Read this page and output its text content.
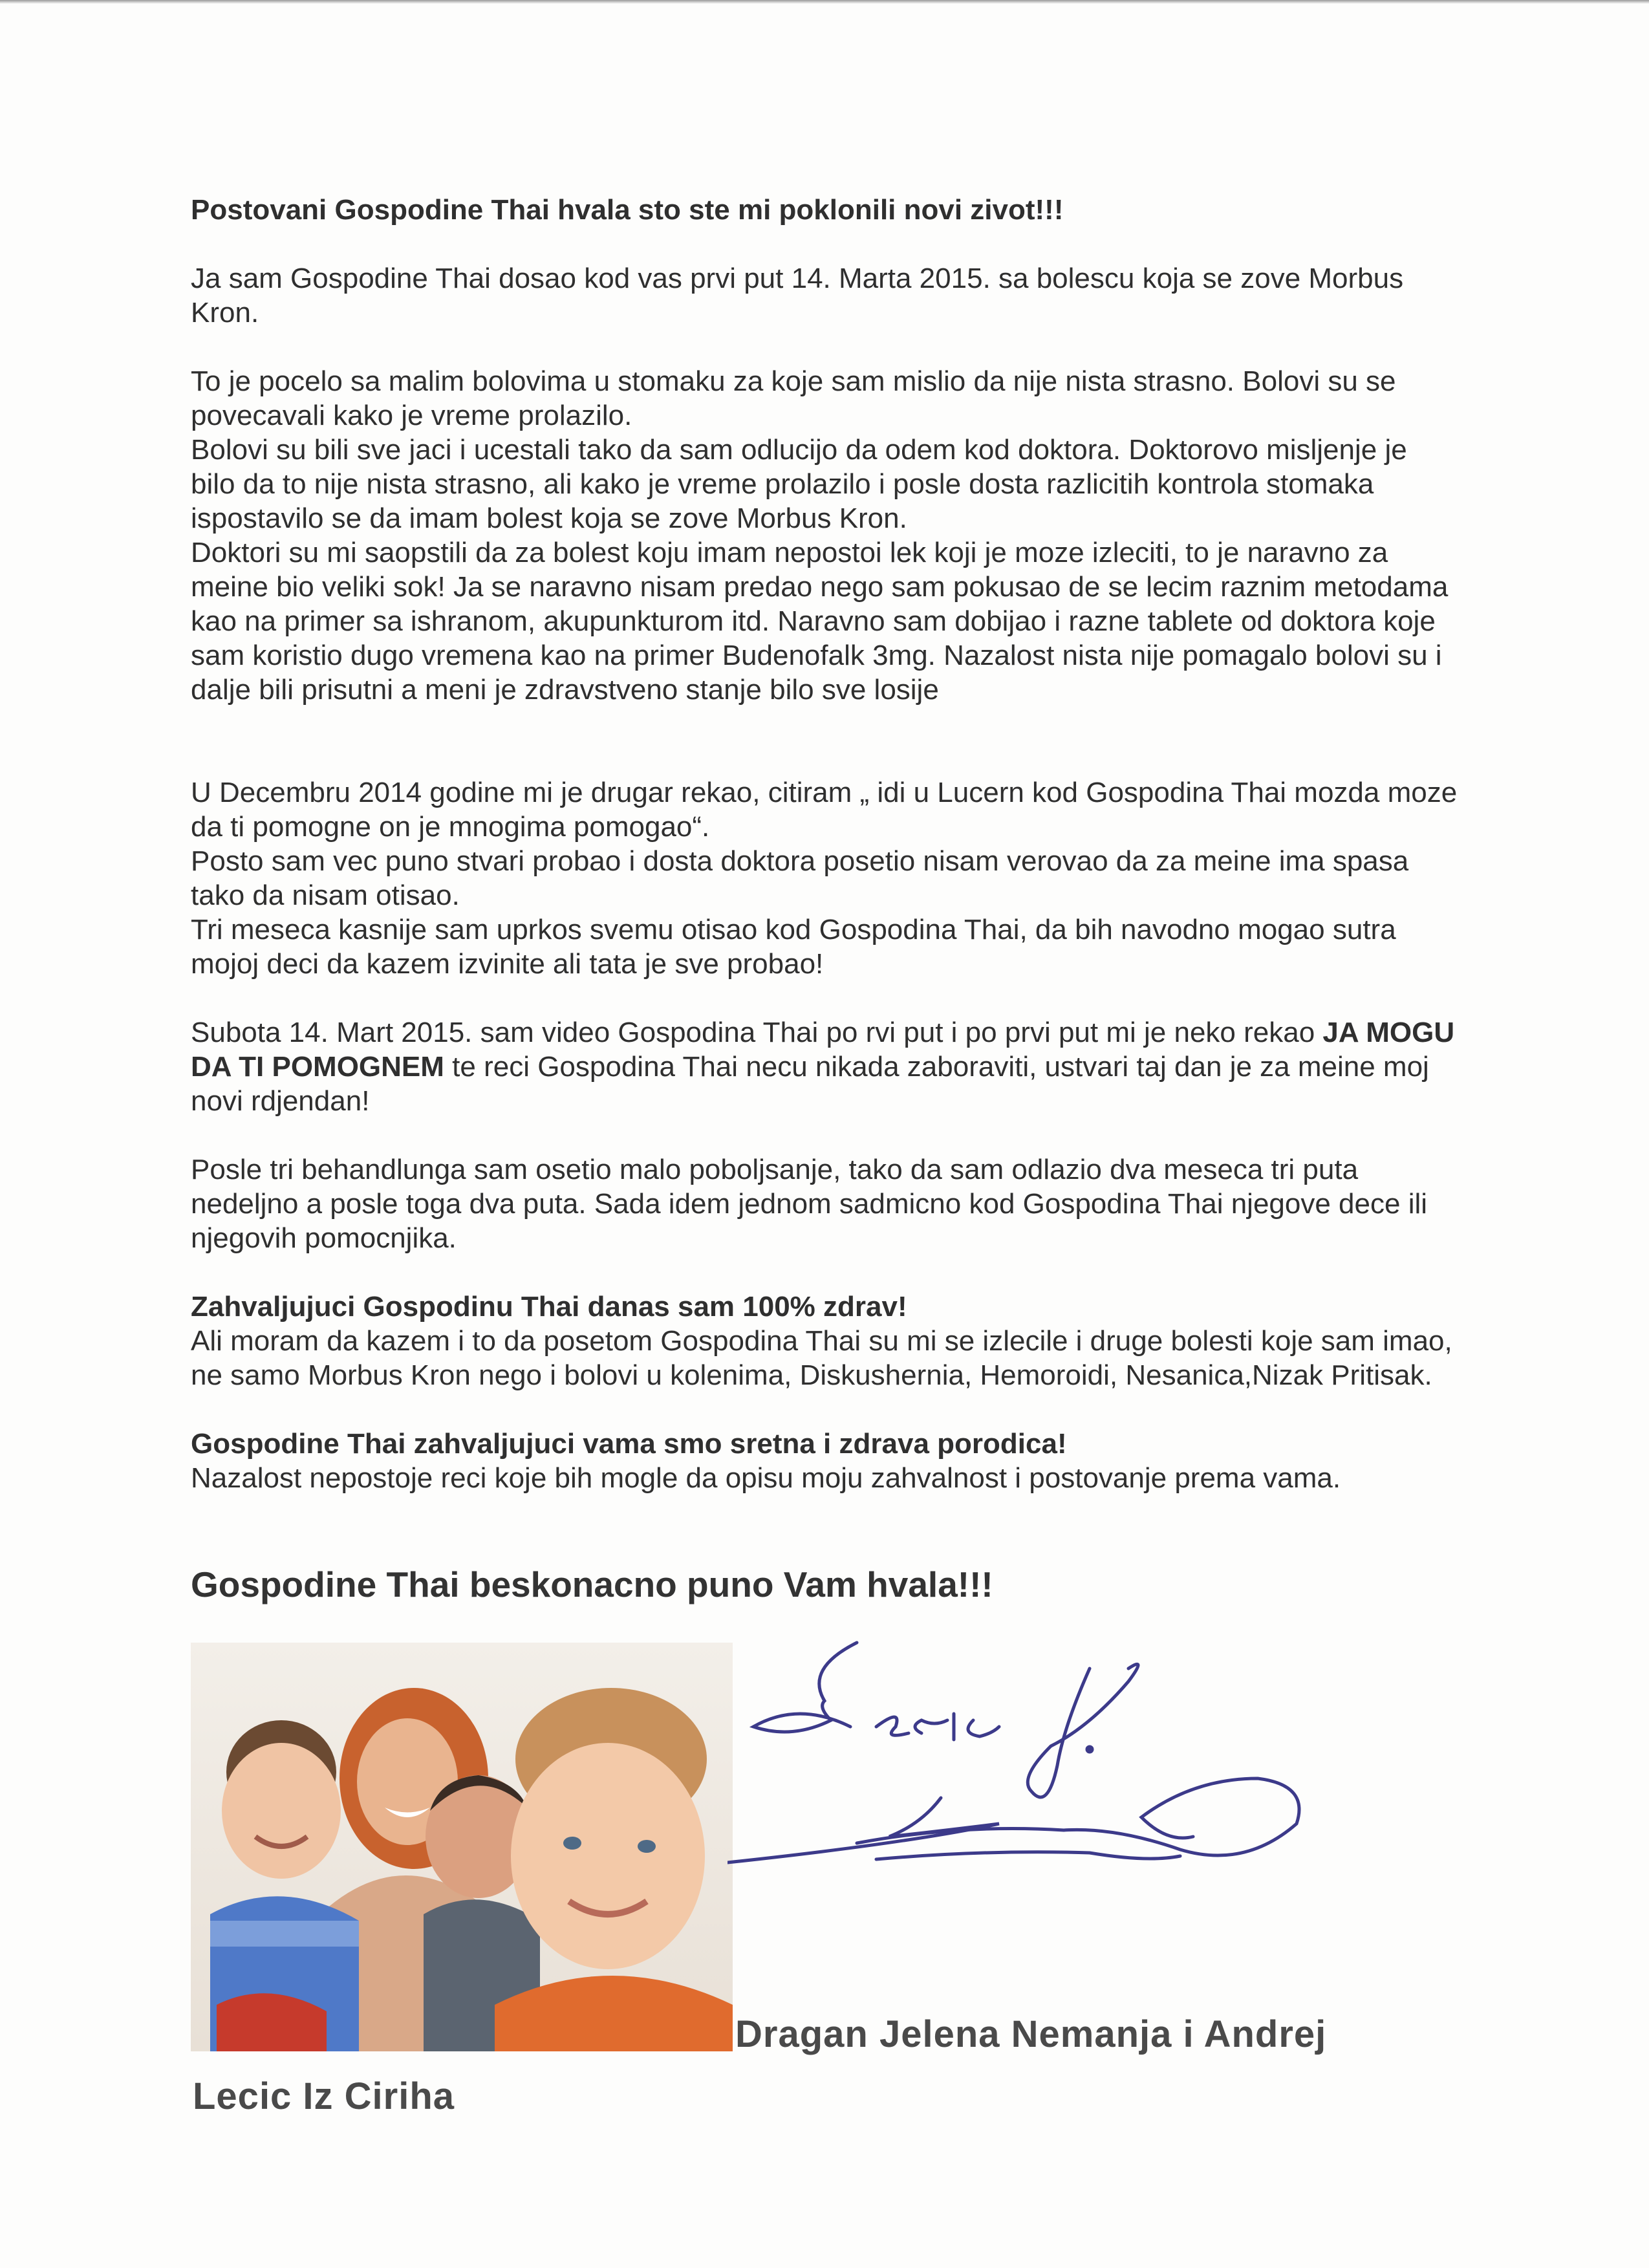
Postovani Gospodine Thai hvala sto ste mi poklonili novi zivot!!!

Ja sam Gospodine Thai dosao kod vas prvi put 14. Marta 2015. sa bolescu koja se zove Morbus Kron.

To je pocelo sa malim bolovima u stomaku za koje sam mislio da nije nista strasno. Bolovi su se povecavali kako je vreme prolazilo.

Bolovi su bili sve jaci i ucestali tako da sam odlucijo da odem kod doktora. Doktorovo misljenje je bilo da to nije nista strasno, ali kako je vreme prolazilo i posle dosta razlicitih kontrola stomaka ispostavilo se da imam bolest koja se zove Morbus Kron.

Doktori su mi saopstili da za bolest koju imam nepostoi lek koji je moze izleciti, to je naravno za meine bio veliki sok! Ja se naravno nisam predao nego sam pokusao de se lecim raznim metodama kao na primer sa ishranom, akupunkturom itd. Naravno sam dobijao i razne tablete od doktora koje sam koristio dugo vremena kao na primer Budenofalk 3mg. Nazalost nista nije pomagalo bolovi su i dalje bili prisutni a meni je zdravstveno stanje bilo sve losije

U Decembru 2014 godine mi je drugar rekao, citiram „ idi u Lucern kod Gospodina Thai mozda moze da ti pomogne on je mnogima pomogao“.

Posto sam vec puno stvari probao i dosta doktora posetio nisam verovao da za meine ima spasa tako da nisam otisao.

Tri meseca kasnije sam uprkos svemu otisao kod Gospodina Thai, da bih navodno mogao sutra mojoj deci da kazem izvinite ali tata je sve probao!

Subota 14. Mart 2015. sam video Gospodina Thai po rvi put i po prvi put mi je neko rekao JA MOGU DA TI POMOGNEM te reci Gospodina Thai necu nikada zaboraviti, ustvari taj dan je za meine moj novi rdjendan!

Posle tri behandlunga sam osetio malo poboljsanje, tako da sam odlazio dva meseca tri puta nedeljno a posle toga dva puta. Sada idem jednom sadmicno kod Gospodina Thai njegove dece ili njegovih pomocnjika.

Zahvaljujuci Gospodinu Thai danas sam 100% zdrav!

Ali moram da kazem i to da posetom Gospodina Thai su mi se izlecile i druge bolesti koje sam imao, ne samo Morbus Kron nego i bolovi u kolenima, Diskushernia, Hemoroidi, Nesanica,Nizak Pritisak.

Gospodine Thai zahvaljujuci vama smo sretna i zdrava porodica!

Nazalost nepostoje reci koje bih mogle da opisu moju zahvalnost i postovanje prema vama.

Gospodine Thai beskonacno puno Vam hvala!!!
Dragan Jelena Nemanja i Andrej
Lecic Iz Ciriha
